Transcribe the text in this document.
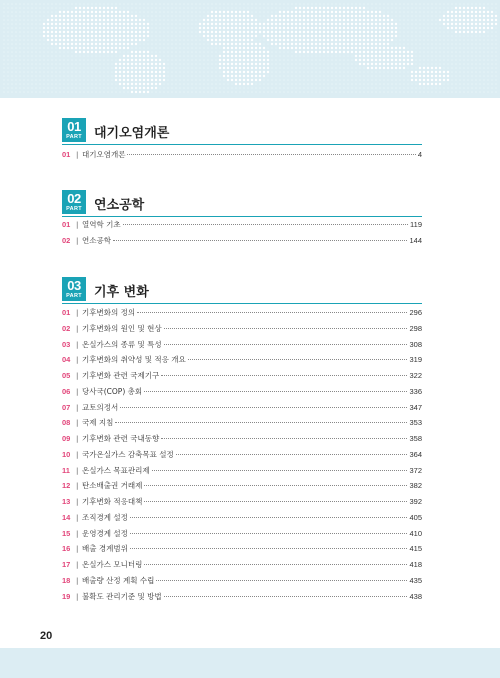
01
PART 대기오염개론
01 | 대기오염개론	4
02
PART 연소공학
01 | 열역학 기초	119
02 | 연소공학	144
03
PART 기후 변화
01 | 기후변화의 정의	296
02 | 기후변화의 원인 및 현상	298
03 | 온실가스의 종류 및 특성	308
04 | 기후변화의 취약성 및 적응 개요	319
05 | 기후변화 관련 국제기구	322
06 | 당사국(COP) 총회	336
07 | 교토의정서	347
08 | 국제 지침	353
09 | 기후변화 관련 국내동향	358
10 | 국가온실가스 감축목표 설정	364
11 | 온실가스 목표관리제	372
12 | 탄소배출권 거래제	382
13 | 기후변화 적응대책	392
14 | 조직경계 설정	405
15 | 운영경계 설정	410
16 | 배출 경계범위	415
17 | 온실가스 모니터링	418
18 | 배출량 산정 계획 수립	435
19 | 불확도 관리기준 및 방법	438
20
